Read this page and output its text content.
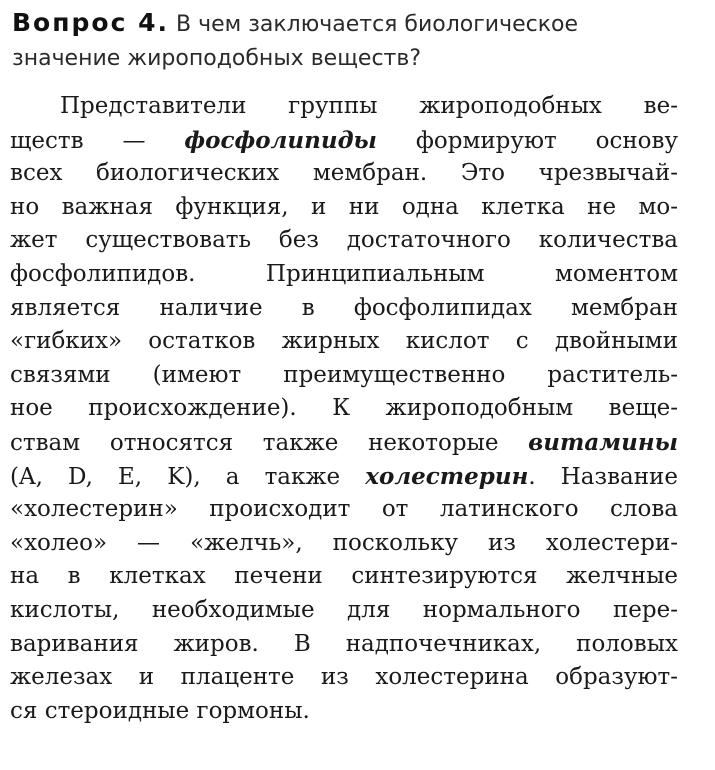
Вопрос 4. В чем заключается биологическое
значение жироподобных веществ?
Представители группы жироподобных ве-
ществ — фосфолипиды формируют основу
всех биологических мембран. Это чрезвычай-
но важная функция, и ни одна клетка не мо-
жет существовать без достаточного количества
фосфолипидов. Принципиальным моментом
является наличие в фосфолипидах мембран
«гибких» остатков жирных кислот с двойными
связями (имеют преимущественно раститель-
ное происхождение). К жироподобным веще-
ствам относятся также некоторые витамины
(A, D, E, K), а также холестерин. Название
«холестерин» происходит от латинского слова
«холео» — «желчь», поскольку из холестери-
на в клетках печени синтезируются желчные
кислоты, необходимые для нормального пере-
варивания жиров. В надпочечниках, половых
железах и плаценте из холестерина образуют-
ся стероидные гормоны.
